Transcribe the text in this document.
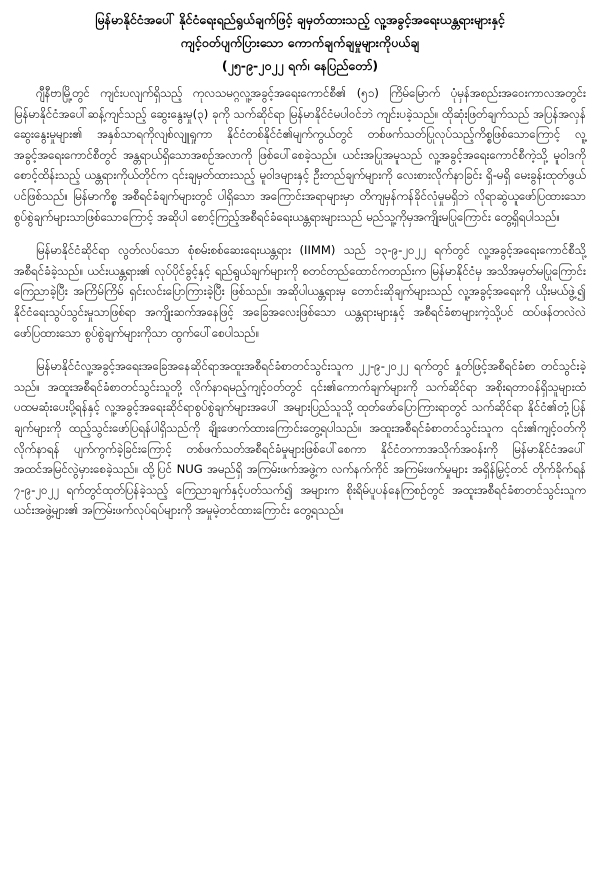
မြန်မာနိုင်ငံအပေါ် နိုင်ငံရေးရည်ရွယ်ချက်ဖြင့် ချမှတ်ထားသည့် လူ့အခွင့်အရေးယန္တရားများနှင့်
ကျင့်ဝတ်ပျက်ပြားသော ကောက်ချက်ချမှုများကိုပယ်ချ
(၂၅-၉-၂၀၂၂ ရက်၊ နေပြည်တော်)

ဂျီနီဗာမြို့တွင် ကျင်းပလျက်ရှိသည့် ကုလသမဂ္ဂလူ့အခွင့်အရေးကောင်စီ၏ (၅၁) ကြိမ်မြောက် ပုံမှန်အစည်းအဝေးကာလအတွင်း မြန်မာနိုင်ငံအပေါ်ဆန့်ကျင်သည့် ဆွေးနွေးမှု(၃) ခုကို သက်ဆိုင်ရာ မြန်မာနိုင်ငံမပါဝင်ဘဲ ကျင်းပခဲ့သည်။ ထိုဆုံးဖြတ်ချက်သည် အပြန်အလှန်ဆွေးနွေးမှုများ၏ အနှစ်သာရကိုလျစ်လျူရှုကာ နိုင်ငံတစ်နိုင်ငံ၏မျက်ကွယ်တွင် တစ်ဖက်သတ်ပြုလုပ်သည့်ကိစ္စဖြစ်သောကြောင့် လူ့အခွင့်အရေးကောင်စီတွင် အန္တရာယ်ရှိသောအစဉ်အလာကို ဖြစ်ပေါ်စေခဲ့သည်။ ယင်းအပြုအမူသည် လူ့အခွင့်အရေးကောင်စီကဲ့သို့ မူဝါဒကိုစောင့်ထိန်းသည့် ယန္တရားကိုယ်တိုင်က ၎င်းချမှတ်ထားသည့် မူဝါဒများနှင့် ဦးတည်ချက်များကို လေးစားလိုက်နာခြင်း ရှိ-မရှိ မေးခွန်းထုတ်ဖွယ်ပင်ဖြစ်သည်။ မြန်မာကိစ္စ အစီရင်ခံချက်များတွင် ပါရှိသော အကြောင်းအရာများမှာ တိကျမှန်ကန်ခိုင်လုံမှုမရှိဘဲ လိုရာဆွဲယူဖော်ပြထားသော စွပ်စွဲချက်များသာဖြစ်သောကြောင့် အဆိုပါ စောင့်ကြည့်အစီရင်ခံရေးယန္တရားများသည် မည်သူ့ကိုမှအကျိုးမပြုကြောင်း တွေ့ရှိရပါသည်။

မြန်မာနိုင်ငံဆိုင်ရာ လွတ်လပ်သော စုံစမ်းစစ်ဆေးရေးယန္တရား (IIMM) သည် ၁၃-၉-၂၀၂၂ ရက်တွင် လူ့အခွင့်အရေးကောင်စီသို့ အစီရင်ခံခဲ့သည်။ ယင်းယန္တရား၏ လုပ်ပိုင်ခွင့်နှင့် ရည်ရွယ်ချက်များကို စတင်တည်ထောင်ကတည်းက မြန်မာနိုင်ငံမှ အသိအမှတ်မပြုကြောင်း ကြေညာခဲ့ပြီး အကြိမ်ကြိမ် ရှင်းလင်းပြောကြားခဲ့ပြီး ဖြစ်သည်။ အဆိုပါယန္တရားမှ တောင်းဆိုချက်များသည် လူ့အခွင့်အရေးကို ယိုးမယ်ဖွဲ့၍ နိုင်ငံရေးသွပ်သွင်းမှုသာဖြစ်ရာ အကျိုးဆက်အနေဖြင့် အခြေအလေးဖြစ်သော ယန္တရားများနှင့် အစီရင်ခံစာများကဲ့သို့ပင် ထပ်ဖန်တလဲလဲ ဖော်ပြထားသော စွပ်စွဲချက်များကိုသာ ထွက်ပေါ်စေပါသည်။

မြန်မာနိုင်ငံလူ့အခွင့်အရေးအခြေအနေဆိုင်ရာအထူးအစီရင်ခံစာတင်သွင်းသူက ၂၂-၉-၂၀၂၂ ရက်တွင် နှုတ်ဖြင့်အစီရင်ခံစာ တင်သွင်းခဲ့သည်။ အထူးအစီရင်ခံစာတင်သွင်းသူတို့ လိုက်နာရမည့်ကျင့်ဝတ်တွင် ၎င်း၏ကောက်ချက်များကို သက်ဆိုင်ရာ အစိုးရတာဝန်ရှိသူများထံ ပထမဆုံးပေးပို့ရန်နှင့် လူ့အခွင့်အရေးဆိုင်ရာစွပ်စွဲချက်များအပေါ် အများပြည်သူသို့ ထုတ်ဖော်ပြောကြားရာတွင် သက်ဆိုင်ရာ နိုင်ငံ၏တုံ့ပြန်ချက်များကို ထည့်သွင်းဖော်ပြရန်ပါရှိသည်ကို ချိုးဖောက်ထားကြောင်းတွေ့ရပါသည်။ အထူးအစီရင်ခံစာတင်သွင်းသူက ၎င်း၏ကျင့်ဝတ်ကိုလိုက်နာရန် ပျက်ကွက်ခဲ့ခြင်းကြောင့် တစ်ဖက်သတ်အစီရင်ခံမှုများဖြစ်ပေါ်စေကာ နိုင်ငံတကာအသိုက်အဝန်းကို မြန်မာနိုင်ငံအပေါ် အထင်အမြင်လွဲမှားစေခဲ့သည်။ ထို့ပြင် NUG အမည်ရှိ အကြမ်းဖက်အဖွဲ့က လက်နက်ကိုင် အကြမ်းဖက်မှုများ အရှိန်မြှင့်တင် တိုက်ခိုက်ရန် ၇-၉-၂၀၂၂ ရက်တွင်ထုတ်ပြန်ခဲ့သည့် ကြေညာချက်နှင့်ပတ်သက်၍ အများက စိုးရိမ်ပူပန်နေကြစဉ်တွင် အထူးအစီရင်ခံစာတင်သွင်းသူက ယင်းအဖွဲ့များ၏ အကြမ်းဖက်လုပ်ရပ်များကို အမှုမဲ့တင်ထားကြောင်း တွေ့ရသည်။
